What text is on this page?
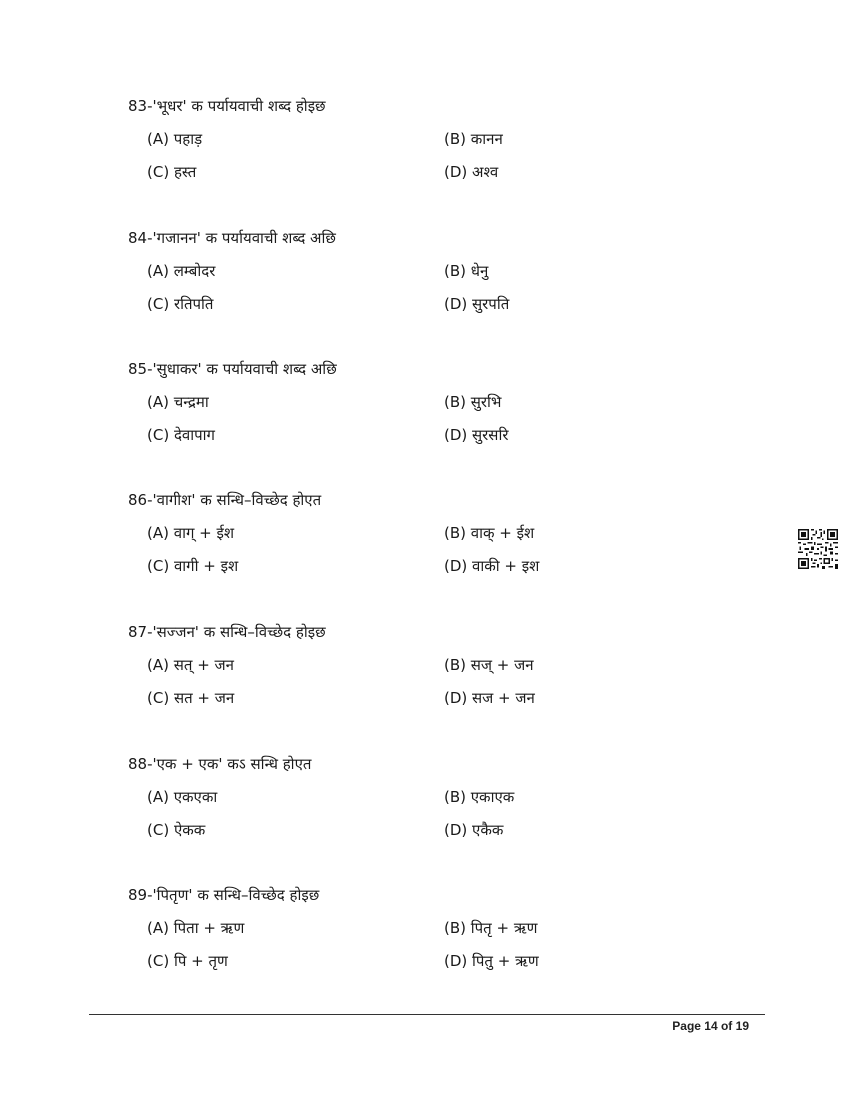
83-'भूधर' क पर्यायवाची शब्द होइछ
(A) पहाड़	(B) कानन
(C) हस्त	(D) अश्व
84-'गजानन' क पर्यायवाची शब्द अछि
(A) लम्बोदर	(B) धेनु
(C) रतिपति	(D) सुरपति
85-'सुधाकर' क पर्यायवाची शब्द अछि
(A) चन्द्रमा	(B) सुरभि
(C) देवापाग	(D) सुरसरि
86-'वागीश' क सन्धि–विच्छेद होएत
(A) वाग् + ईश	(B) वाक् + ईश
(C) वागी + इश	(D) वाकी + इश
87-'सज्जन' क सन्धि–विच्छेद होइछ
(A) सत् + जन	(B) सज् + जन
(C) सत + जन	(D) सज + जन
88-'एक + एक' कऽ सन्धि होएत
(A) एकएका	(B) एकाएक
(C) ऐकक	(D) एकैक
89-'पितृण' क सन्धि–विच्छेद होइछ
(A) पिता + ऋण	(B) पितृ + ऋण
(C) पि + तृण	(D) पितु + ऋण
Page 14 of 19
